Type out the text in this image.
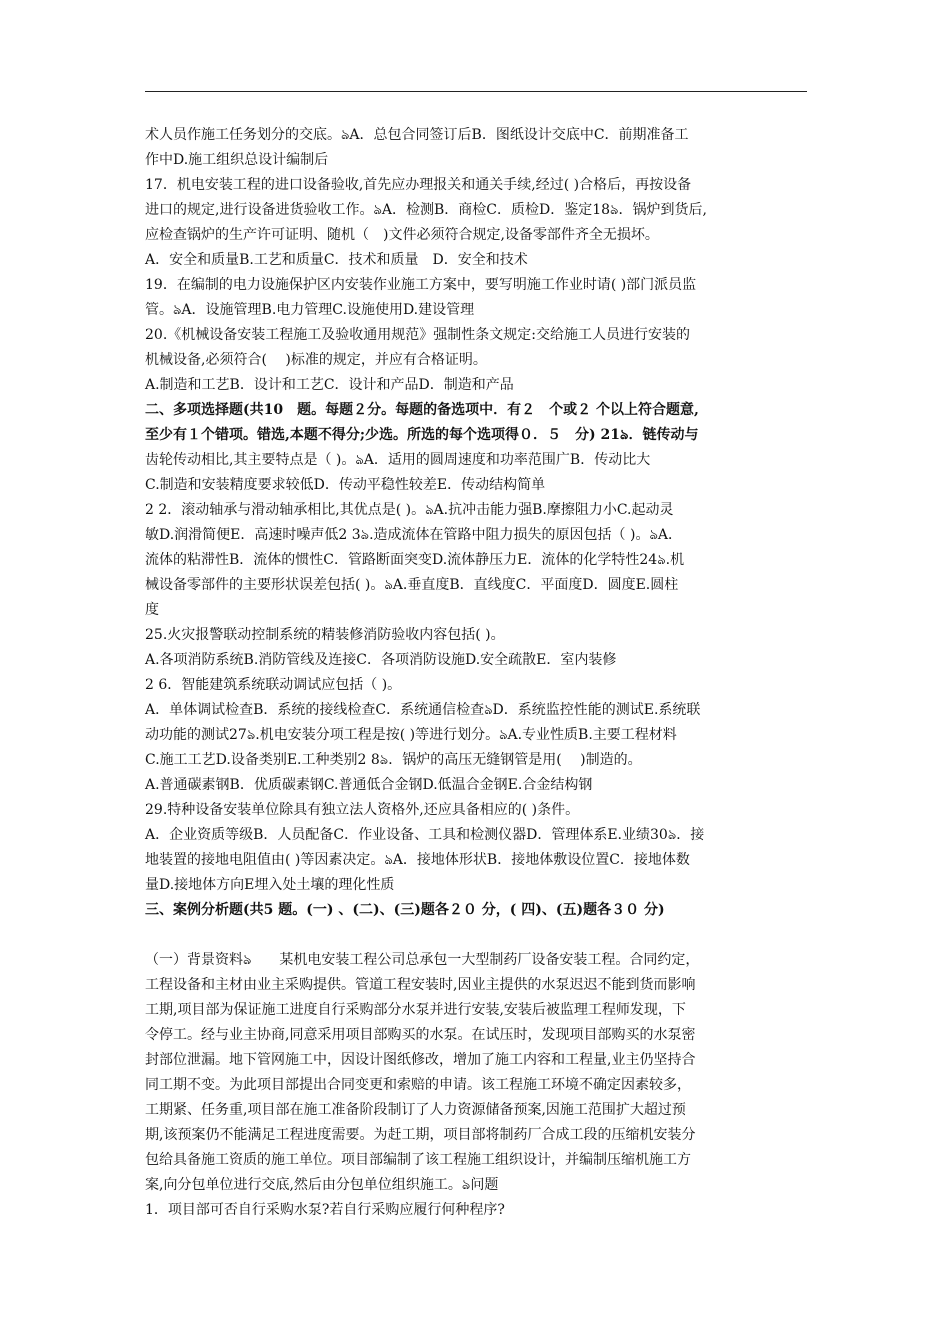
术人员作施工任务划分的交底。ঌA．总包合同签订后B．图纸设计交底中C．前期准备工
作中D.施工组织总设计编制后
17．机电安装工程的进口设备验收,首先应办理报关和通关手续,经过( )合格后，再按设备
进口的规定,进行设备进货验收工作。ঌA．检测B．商检C．质检D．鉴定18ঌ．锅炉到货后,
应检查锅炉的生产许可证明、随机（　)文件必须符合规定,设备零部件齐全无损坏。
A．安全和质量B.工艺和质量C．技术和质量　D．安全和技术
19．在编制的电力设施保护区内安装作业施工方案中，要写明施工作业时请( )部门派员监
管。ঌA．设施管理B.电力管理C.设施使用D.建设管理
20.《机械设备安装工程施工及验收通用规范》强制性条文规定:交给施工人员进行安装的
机械设备,必须符合(　 )标准的规定，并应有合格证明。
A.制造和工艺B．设计和工艺C．设计和产品D．制造和产品
二、多项选择题(共10　题。每题２分。每题的备选项中．有２　个或２ 个以上符合题意,
至少有１个错项。错选,本题不得分;少选。所选的每个选项得０．５　分) 21ঌ．链传动与
齿轮传动相比,其主要特点是（ )。ঌA．适用的圆周速度和功率范围广B．传动比大
C.制造和安装精度要求较低D．传动平稳性较差E．传动结构简单
2 2．滚动轴承与滑动轴承相比,其优点是( )。ঌA.抗冲击能力强B.摩擦阻力小C.起动灵
敏D.润滑简便E．高速时噪声低2 3ঌ.造成流体在管路中阻力损失的原因包括（ )。ঌA．
流体的粘滞性B．流体的惯性C．管路断面突变D.流体静压力E．流体的化学特性24ঌ.机
械设备零部件的主要形状误差包括( )。ঌA.垂直度B．直线度C．平面度D．圆度E.圆柱
度
25.火灾报警联动控制系统的精装修消防验收内容包括( )。
A.各项消防系统B.消防管线及连接C．各项消防设施D.安全疏散E．室内装修
2 6．智能建筑系统联动调试应包括（ )。
A．单体调试检查B．系统的接线检查C．系统通信检查ঌD．系统监控性能的测试E.系统联
动功能的测试27ঌ.机电安装分项工程是按( )等进行划分。ঌA.专业性质B.主要工程材料
C.施工工艺D.设备类别E.工种类别2 8ঌ．锅炉的高压无缝钢管是用(　 )制造的。
A.普通碳素钢B．优质碳素钢C.普通低合金钢D.低温合金钢E.合金结构钢
29.特种设备安装单位除具有独立法人资格外,还应具备相应的( )条件。
A．企业资质等级B．人员配备C．作业设备、工具和检测仪器D．管理体系E.业绩30ঌ．接
地装置的接地电阻值由( )等因素决定。ঌA．接地体形状B．接地体敷设位置C．接地体数
量D.接地体方向E埋入处土壤的理化性质
三、案例分析题(共5 题。(一) 、(二)、(三)题各２０ 分，( 四)、(五)题各３０ 分)
（一）背景资料ঌ　　某机电安装工程公司总承包一大型制药厂设备安装工程。合同约定，
工程设备和主材由业主采购提供。管道工程安装时,因业主提供的水泵迟迟不能到货而影响
工期,项目部为保证施工进度自行采购部分水泵并进行安装,安装后被监理工程师发现，下
令停工。经与业主协商,同意采用项目部购买的水泵。在试压时，发现项目部购买的水泵密
封部位泄漏。地下管网施工中，因设计图纸修改，增加了施工内容和工程量,业主仍坚持合
同工期不变。为此项目部提出合同变更和索赔的申请。该工程施工环境不确定因素较多，
工期紧、任务重,项目部在施工准备阶段制订了人力资源储备预案,因施工范围扩大超过预
期,该预案仍不能满足工程进度需要。为赶工期，项目部将制药厂合成工段的压缩机安装分
包给具备施工资质的施工单位。项目部编制了该工程施工组织设计，并编制压缩机施工方
案,向分包单位进行交底,然后由分包单位组织施工。ঌ问题
1．项目部可否自行采购水泵?若自行采购应履行何种程序?
